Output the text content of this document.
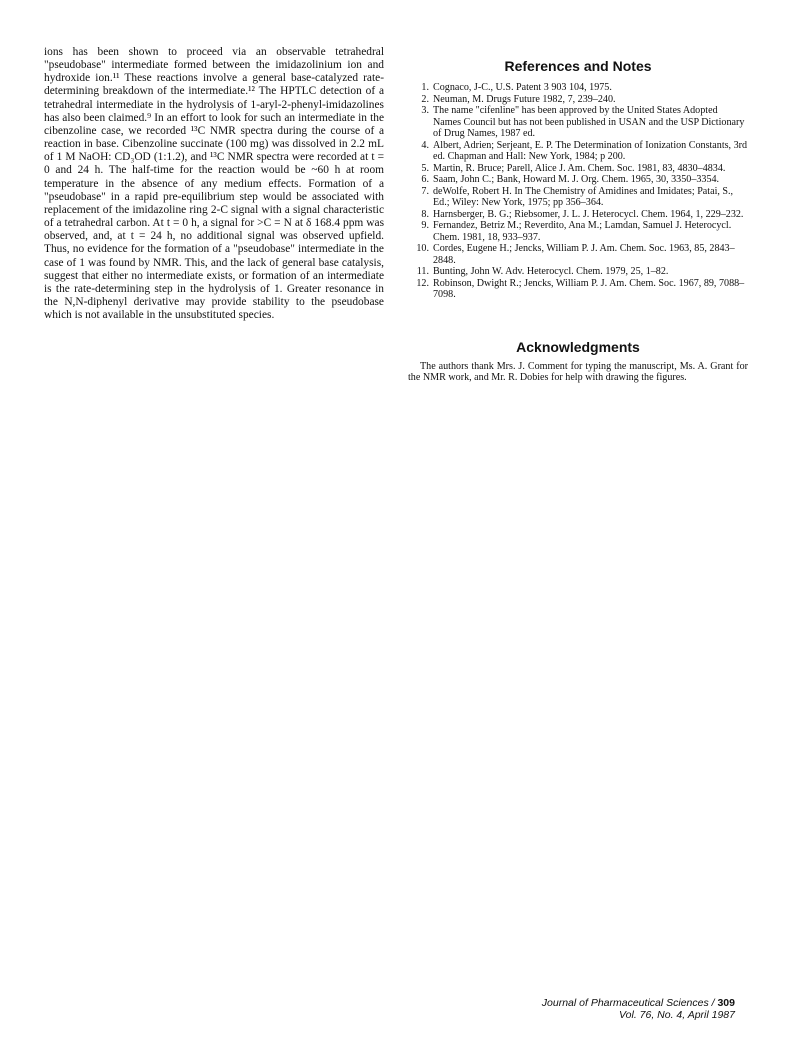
ions has been shown to proceed via an observable tetrahedral "pseudobase" intermediate formed between the imidazolinium ion and hydroxide ion.¹¹ These reactions involve a general base-catalyzed rate-determining breakdown of the intermediate.¹² The HPTLC detection of a tetrahedral intermediate in the hydrolysis of 1-aryl-2-phenyl-imidazolines has also been claimed.⁹ In an effort to look for such an intermediate in the cibenzoline case, we recorded ¹³C NMR spectra during the course of a reaction in base. Cibenzoline succinate (100 mg) was dissolved in 2.2 mL of 1 M NaOH: CD₃OD (1:1.2), and ¹³C NMR spectra were recorded at t = 0 and 24 h. The half-time for the reaction would be ~60 h at room temperature in the absence of any medium effects. Formation of a "pseudobase" in a rapid pre-equilibrium step would be associated with replacement of the imidazoline ring 2-C signal with a signal characteristic of a tetrahedral carbon. At t = 0 h, a signal for >C = N at δ 168.4 ppm was observed, and, at t = 24 h, no additional signal was observed upfield. Thus, no evidence for the formation of a "pseudobase" intermediate in the case of 1 was found by NMR. This, and the lack of general base catalysis, suggest that either no intermediate exists, or formation of an intermediate is the rate-determining step in the hydrolysis of 1. Greater resonance in the N,N-diphenyl derivative may provide stability to the pseudobase which is not available in the unsubstituted species.

References and Notes
1. Cognaco, J-C., U.S. Patent 3 903 104, 1975.
2. Neuman, M. Drugs Future 1982, 7, 239–240.
3. The name "cifenline" has been approved by the United States Adopted Names Council but has not been published in USAN and the USP Dictionary of Drug Names, 1987 ed.
4. Albert, Adrien; Serjeant, E. P. The Determination of Ionization Constants, 3rd ed. Chapman and Hall: New York, 1984; p 200.
5. Martin, R. Bruce; Parell, Alice J. Am. Chem. Soc. 1981, 83, 4830–4834.
6. Saam, John C.; Bank, Howard M. J. Org. Chem. 1965, 30, 3350–3354.
7. deWolfe, Robert H. In The Chemistry of Amidines and Imidates; Patai, S., Ed.; Wiley: New York, 1975; pp 356–364.
8. Harnsberger, B. G.; Riebsomer, J. L. J. Heterocycl. Chem. 1964, 1, 229–232.
9. Fernandez, Betriz M.; Reverdito, Ana M.; Lamdan, Samuel J. Heterocycl. Chem. 1981, 18, 933–937.
10. Cordes, Eugene H.; Jencks, William P. J. Am. Chem. Soc. 1963, 85, 2843–2848.
11. Bunting, John W. Adv. Heterocycl. Chem. 1979, 25, 1–82.
12. Robinson, Dwight R.; Jencks, William P. J. Am. Chem. Soc. 1967, 89, 7088–7098.
Acknowledgments

The authors thank Mrs. J. Comment for typing the manuscript, Ms. A. Grant for the NMR work, and Mr. R. Dobies for help with drawing the figures.

Journal of Pharmaceutical Sciences / 309
Vol. 76, No. 4, April 1987
